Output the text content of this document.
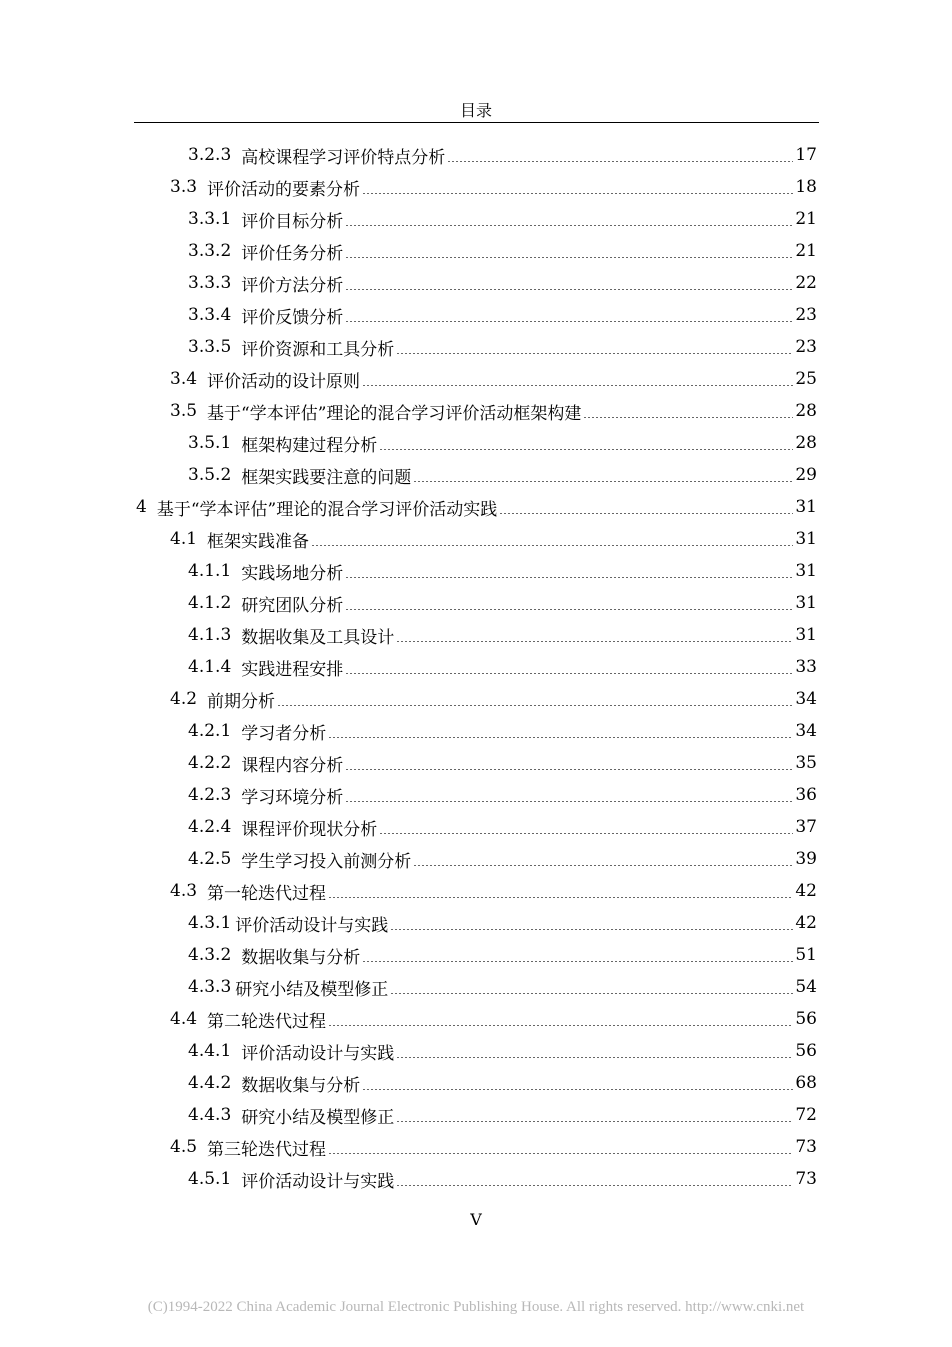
目录
3.2.3 高校课程学习评价特点分析	17
3.3 评价活动的要素分析	18
3.3.1 评价目标分析	21
3.3.2 评价任务分析	21
3.3.3 评价方法分析	22
3.3.4 评价反馈分析	23
3.3.5 评价资源和工具分析	23
3.4 评价活动的设计原则	25
3.5 基于“学本评估”理论的混合学习评价活动框架构建	28
3.5.1 框架构建过程分析	28
3.5.2 框架实践要注意的问题	29
4 基于“学本评估”理论的混合学习评价活动实践	31
4.1 框架实践准备	31
4.1.1 实践场地分析	31
4.1.2 研究团队分析	31
4.1.3 数据收集及工具设计	31
4.1.4 实践进程安排	33
4.2 前期分析	34
4.2.1 学习者分析	34
4.2.2 课程内容分析	35
4.2.3 学习环境分析	36
4.2.4 课程评价现状分析	37
4.2.5 学生学习投入前测分析	39
4.3 第一轮迭代过程	42
4.3.1 评价活动设计与实践	42
4.3.2 数据收集与分析	51
4.3.3 研究小结及模型修正	54
4.4 第二轮迭代过程	56
4.4.1 评价活动设计与实践	56
4.4.2 数据收集与分析	68
4.4.3 研究小结及模型修正	72
4.5 第三轮迭代过程	73
4.5.1 评价活动设计与实践	73
V
(C)1994-2022 China Academic Journal Electronic Publishing House. All rights reserved. http://www.cnki.net
